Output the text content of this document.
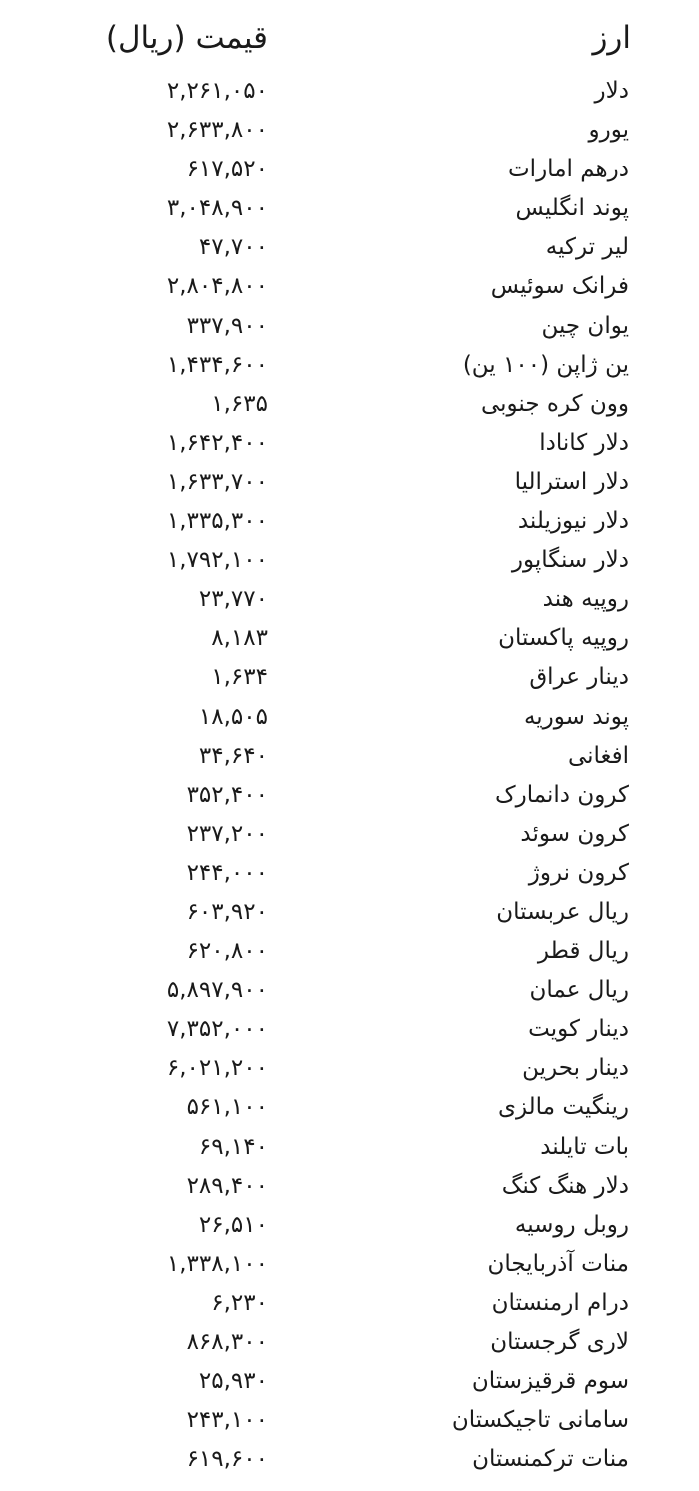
ارز
قیمت (ریال)
دلار
۲,۲۶۱,۰۵۰
یورو
۲,۶۳۳,۸۰۰
درهم امارات
۶۱۷,۵۲۰
پوند انگلیس
۳,۰۴۸,۹۰۰
لیر ترکیه
۴۷,۷۰۰
فرانک سوئیس
۲,۸۰۴,۸۰۰
یوان چین
۳۳۷,۹۰۰
ین ژاپن (۱۰۰ ین)
۱,۴۳۴,۶۰۰
وون کره جنوبی
۱,۶۳۵
دلار کانادا
۱,۶۴۲,۴۰۰
دلار استرالیا
۱,۶۳۳,۷۰۰
دلار نیوزیلند
۱,۳۳۵,۳۰۰
دلار سنگاپور
۱,۷۹۲,۱۰۰
روپیه هند
۲۳,۷۷۰
روپیه پاکستان
۸,۱۸۳
دینار عراق
۱,۶۳۴
پوند سوریه
۱۸,۵۰۵
افغانی
۳۴,۶۴۰
کرون دانمارک
۳۵۲,۴۰۰
کرون سوئد
۲۳۷,۲۰۰
کرون نروژ
۲۴۴,۰۰۰
ریال عربستان
۶۰۳,۹۲۰
ریال قطر
۶۲۰,۸۰۰
ریال عمان
۵,۸۹۷,۹۰۰
دینار کویت
۷,۳۵۲,۰۰۰
دینار بحرین
۶,۰۲۱,۲۰۰
رینگیت مالزی
۵۶۱,۱۰۰
بات تایلند
۶۹,۱۴۰
دلار هنگ کنگ
۲۸۹,۴۰۰
روبل روسیه
۲۶,۵۱۰
منات آذربایجان
۱,۳۳۸,۱۰۰
درام ارمنستان
۶,۲۳۰
لاری گرجستان
۸۶۸,۳۰۰
سوم قرقیزستان
۲۵,۹۳۰
سامانی تاجیکستان
۲۴۳,۱۰۰
منات ترکمنستان
۶۱۹,۶۰۰
